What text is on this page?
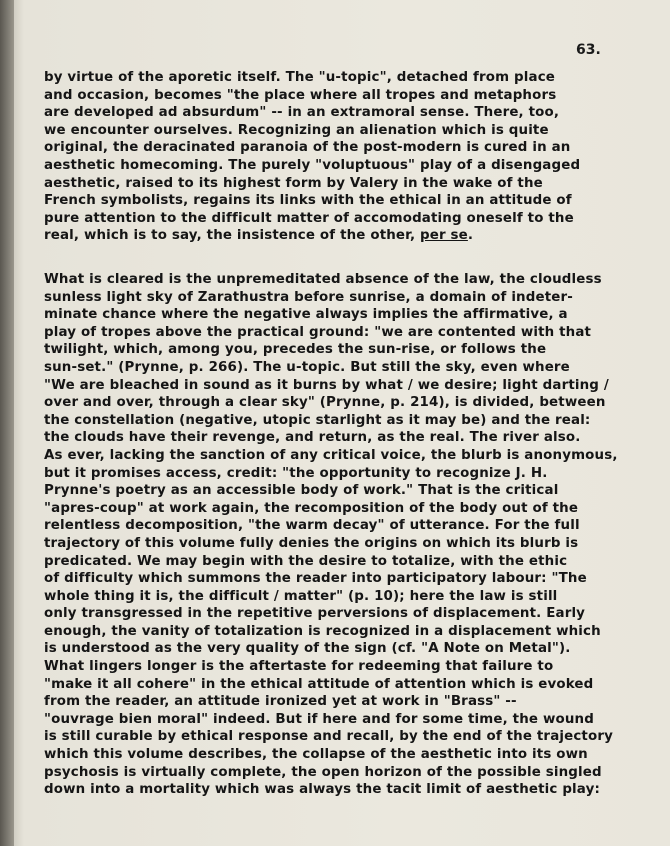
63.
by virtue of the aporetic itself. The "u-topic", detached from place
and occasion, becomes "the place where all tropes and metaphors
are developed ad absurdum" -- in an extramoral sense. There, too,
we encounter ourselves. Recognizing an alienation which is quite
original, the deracinated paranoia of the post-modern is cured in an
aesthetic homecoming. The purely "voluptuous" play of a disengaged
aesthetic, raised to its highest form by Valery in the wake of the
French symbolists, regains its links with the ethical in an attitude of
pure attention to the difficult matter of accomodating oneself to the
real, which is to say, the insistence of the other, per se.
What is cleared is the unpremeditated absence of the law, the cloudless
sunless light sky of Zarathustra before sunrise, a domain of indeter-
minate chance where the negative always implies the affirmative, a
play of tropes above the practical ground: "we are contented with that
twilight, which, among you, precedes the sun-rise, or follows the
sun-set." (Prynne, p. 266). The u-topic. But still the sky, even where
"We are bleached in sound as it burns by what / we desire; light darting /
over and over, through a clear sky" (Prynne, p. 214), is divided, between
the constellation (negative, utopic starlight as it may be) and the real:
the clouds have their revenge, and return, as the real. The river also.
As ever, lacking the sanction of any critical voice, the blurb is anonymous,
but it promises access, credit: "the opportunity to recognize J. H.
Prynne's poetry as an accessible body of work." That is the critical
"apres-coup" at work again, the recomposition of the body out of the
relentless decomposition, "the warm decay" of utterance. For the full
trajectory of this volume fully denies the origins on which its blurb is
predicated. We may begin with the desire to totalize, with the ethic
of difficulty which summons the reader into participatory labour: "The
whole thing it is, the difficult / matter" (p. 10); here the law is still
only transgressed in the repetitive perversions of displacement. Early
enough, the vanity of totalization is recognized in a displacement which
is understood as the very quality of the sign (cf. "A Note on Metal").
What lingers longer is the aftertaste for redeeming that failure to
"make it all cohere" in the ethical attitude of attention which is evoked
from the reader, an attitude ironized yet at work in "Brass" --
"ouvrage bien moral" indeed. But if here and for some time, the wound
is still curable by ethical response and recall, by the end of the trajectory
which this volume describes, the collapse of the aesthetic into its own
psychosis is virtually complete, the open horizon of the possible singled
down into a mortality which was always the tacit limit of aesthetic play:
